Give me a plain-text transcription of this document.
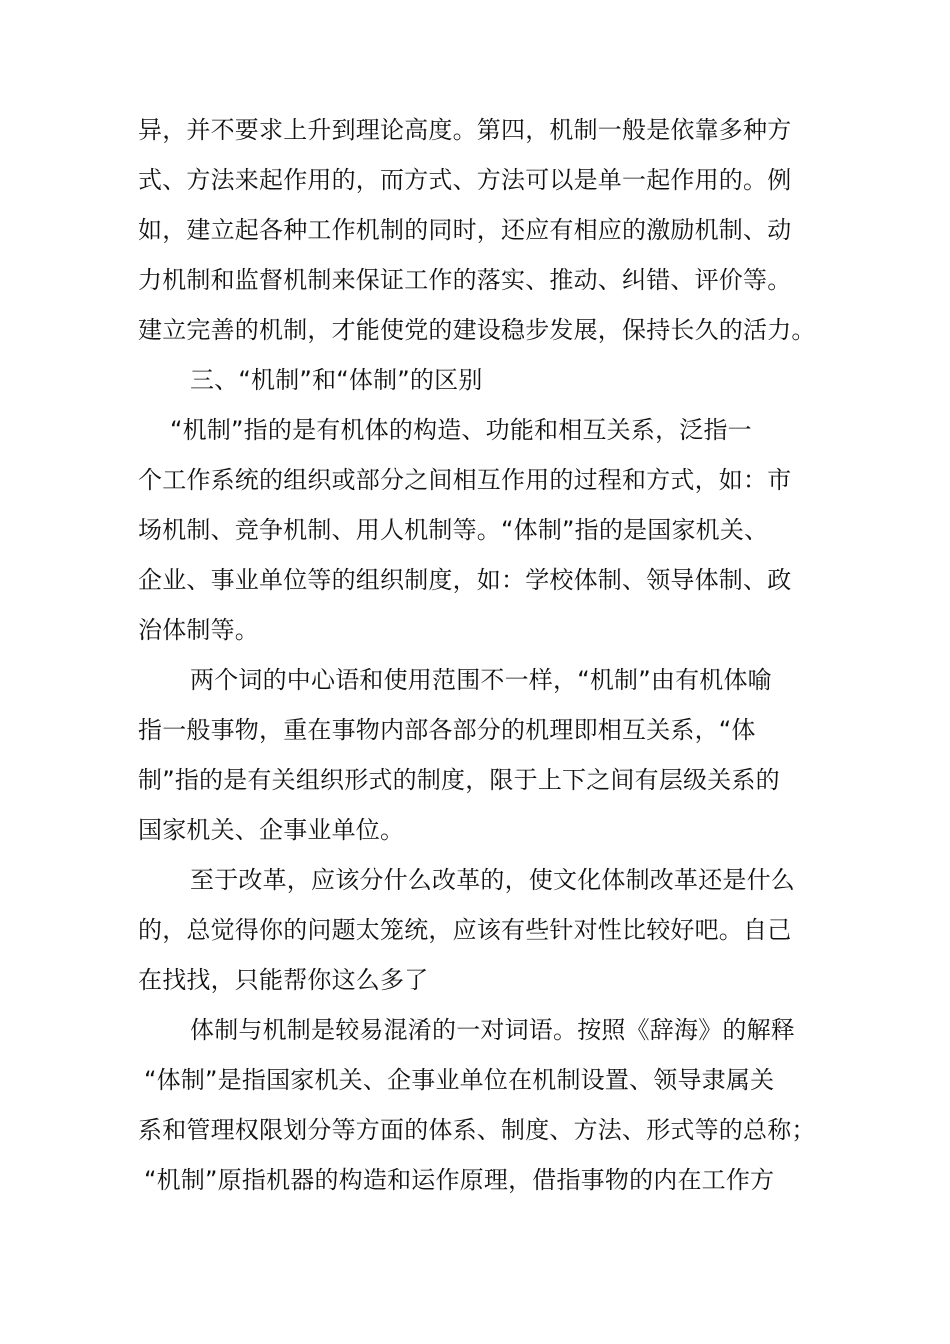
异，并不要求上升到理论高度。第四，机制一般是依靠多种方
式、方法来起作用的，而方式、方法可以是单一起作用的。例
如，建立起各种工作机制的同时，还应有相应的激励机制、动
力机制和监督机制来保证工作的落实、推动、纠错、评价等。
建立完善的机制，才能使党的建设稳步发展，保持长久的活力。
三、“机制”和“体制”的区别
“机制”指的是有机体的构造、功能和相互关系，泛指一
个工作系统的组织或部分之间相互作用的过程和方式，如：市
场机制、竞争机制、用人机制等。“体制”指的是国家机关、
企业、事业单位等的组织制度，如：学校体制、领导体制、政
治体制等。
两个词的中心语和使用范围不一样，“机制”由有机体喻
指一般事物，重在事物内部各部分的机理即相互关系，“体
制”指的是有关组织形式的制度，限于上下之间有层级关系的
国家机关、企事业单位。
至于改革，应该分什么改革的，使文化体制改革还是什么
的，总觉得你的问题太笼统，应该有些针对性比较好吧。自己
在找找，只能帮你这么多了
体制与机制是较易混淆的一对词语。按照《辞海》的解释
“体制”是指国家机关、企事业单位在机制设置、领导隶属关
系和管理权限划分等方面的体系、制度、方法、形式等的总称；
“机制”原指机器的构造和运作原理，借指事物的内在工作方
